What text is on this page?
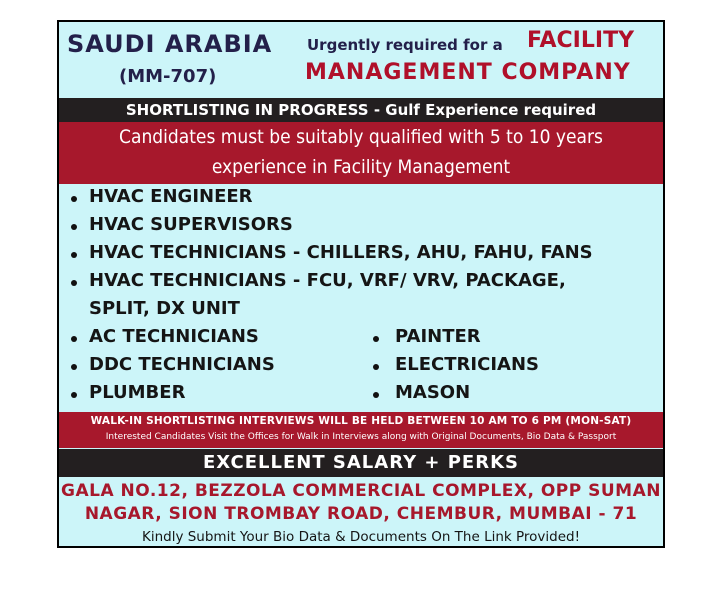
SAUDI ARABIA
(MM-707)
Urgently required for a FACILITY
MANAGEMENT COMPANY
SHORTLISTING IN PROGRESS - Gulf Experience required
Candidates must be suitably qualified with 5 to 10 years
experience in Facility Management
HVAC ENGINEER
HVAC SUPERVISORS
HVAC TECHNICIANS - CHILLERS, AHU, FAHU, FANS
HVAC TECHNICIANS - FCU, VRF/ VRV, PACKAGE,
SPLIT, DX UNIT
AC TECHNICIANS
DDC TECHNICIANS
PLUMBER
PAINTER
ELECTRICIANS
MASON
WALK-IN SHORTLISTING INTERVIEWS WILL BE HELD BETWEEN 10 AM TO 6 PM (MON-SAT)
Interested Candidates Visit the Offices for Walk in Interviews along with Original Documents, Bio Data & Passport
EXCELLENT SALARY + PERKS
GALA NO.12, BEZZOLA COMMERCIAL COMPLEX, OPP SUMAN
NAGAR, SION TROMBAY ROAD, CHEMBUR, MUMBAI - 71
Kindly Submit Your Bio Data & Documents On The Link Provided!
